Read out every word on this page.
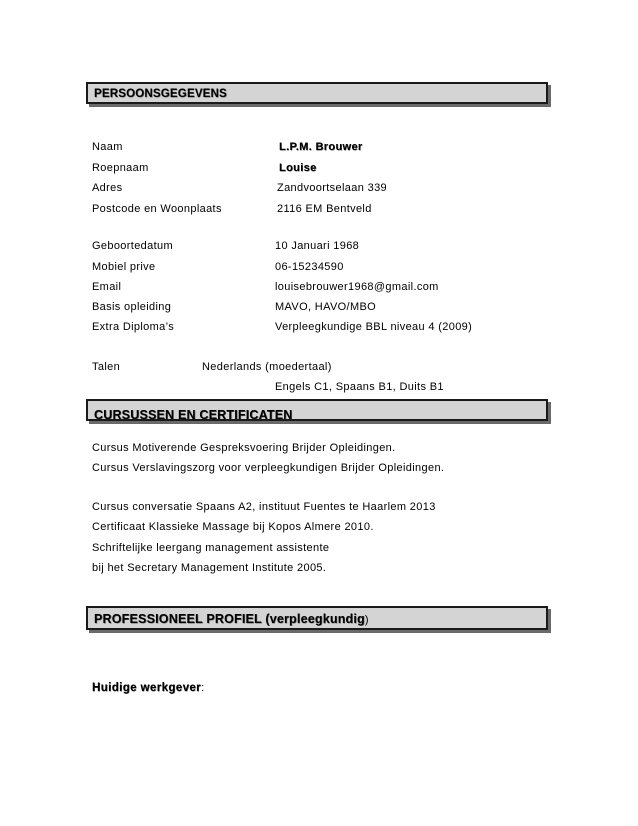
PERSOONSGEGEVENS
Naam	L.P.M. Brouwer
Roepnaam	Louise
Adres	Zandvoortselaan 339
Postcode en Woonplaats	2116 EM Bentveld
Geboortedatum	10 Januari 1968
Mobiel prive	06-15234590
Email	louisebrouwer1968@gmail.com
Basis opleiding	MAVO, HAVO/MBO
Extra Diploma’s	Verpleegkundige BBL niveau 4 (2009)
Talen	Nederlands (moedertaal)
Engels C1, Spaans B1, Duits B1
CURSUSSEN EN CERTIFICATEN
Cursus Motiverende Gespreksvoering Brijder Opleidingen.
Cursus Verslavingszorg voor verpleegkundigen Brijder Opleidingen.
Cursus conversatie Spaans A2, instituut Fuentes te Haarlem 2013
Certificaat Klassieke Massage bij Kopos Almere 2010.
Schriftelijke leergang management assistente
bij het Secretary Management Institute 2005.
PROFESSIONEEL PROFIEL (verpleegkundig)
Huidige werkgever:
